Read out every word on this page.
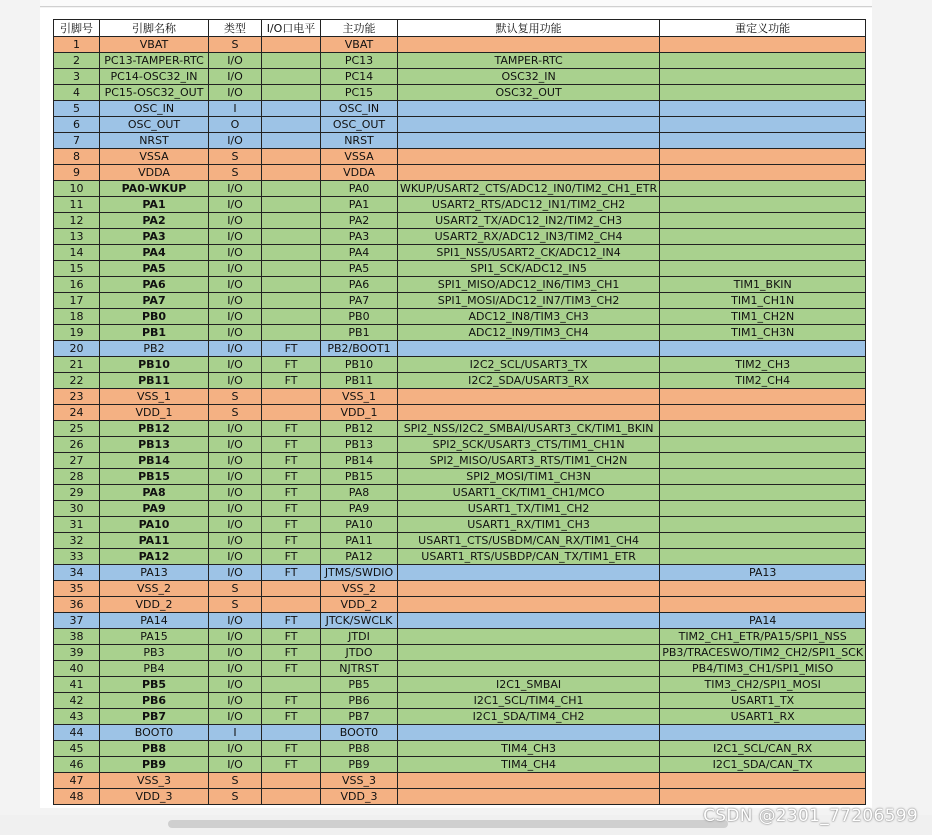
引脚号	引脚名称	类型	I/O口电平	主功能	默认复用功能	重定义功能
1	VBAT	S		VBAT		
2	PC13-TAMPER-RTC	I/O		PC13	TAMPER-RTC	
3	PC14-OSC32_IN	I/O		PC14	OSC32_IN	
4	PC15-OSC32_OUT	I/O		PC15	OSC32_OUT	
5	OSC_IN	I		OSC_IN		
6	OSC_OUT	O		OSC_OUT		
7	NRST	I/O		NRST		
8	VSSA	S		VSSA		
9	VDDA	S		VDDA		
10	PA0-WKUP	I/O		PA0	WKUP/USART2_CTS/ADC12_IN0/TIM2_CH1_ETR	
11	PA1	I/O		PA1	USART2_RTS/ADC12_IN1/TIM2_CH2	
12	PA2	I/O		PA2	USART2_TX/ADC12_IN2/TIM2_CH3	
13	PA3	I/O		PA3	USART2_RX/ADC12_IN3/TIM2_CH4	
14	PA4	I/O		PA4	SPI1_NSS/USART2_CK/ADC12_IN4	
15	PA5	I/O		PA5	SPI1_SCK/ADC12_IN5	
16	PA6	I/O		PA6	SPI1_MISO/ADC12_IN6/TIM3_CH1	TIM1_BKIN
17	PA7	I/O		PA7	SPI1_MOSI/ADC12_IN7/TIM3_CH2	TIM1_CH1N
18	PB0	I/O		PB0	ADC12_IN8/TIM3_CH3	TIM1_CH2N
19	PB1	I/O		PB1	ADC12_IN9/TIM3_CH4	TIM1_CH3N
20	PB2	I/O	FT	PB2/BOOT1		
21	PB10	I/O	FT	PB10	I2C2_SCL/USART3_TX	TIM2_CH3
22	PB11	I/O	FT	PB11	I2C2_SDA/USART3_RX	TIM2_CH4
23	VSS_1	S		VSS_1		
24	VDD_1	S		VDD_1		
25	PB12	I/O	FT	PB12	SPI2_NSS/I2C2_SMBAI/USART3_CK/TIM1_BKIN	
26	PB13	I/O	FT	PB13	SPI2_SCK/USART3_CTS/TIM1_CH1N	
27	PB14	I/O	FT	PB14	SPI2_MISO/USART3_RTS/TIM1_CH2N	
28	PB15	I/O	FT	PB15	SPI2_MOSI/TIM1_CH3N	
29	PA8	I/O	FT	PA8	USART1_CK/TIM1_CH1/MCO	
30	PA9	I/O	FT	PA9	USART1_TX/TIM1_CH2	
31	PA10	I/O	FT	PA10	USART1_RX/TIM1_CH3	
32	PA11	I/O	FT	PA11	USART1_CTS/USBDM/CAN_RX/TIM1_CH4	
33	PA12	I/O	FT	PA12	USART1_RTS/USBDP/CAN_TX/TIM1_ETR	
34	PA13	I/O	FT	JTMS/SWDIO		PA13
35	VSS_2	S		VSS_2		
36	VDD_2	S		VDD_2		
37	PA14	I/O	FT	JTCK/SWCLK		PA14
38	PA15	I/O	FT	JTDI		TIM2_CH1_ETR/PA15/SPI1_NSS
39	PB3	I/O	FT	JTDO		PB3/TRACESWO/TIM2_CH2/SPI1_SCK
40	PB4	I/O	FT	NJTRST		PB4/TIM3_CH1/SPI1_MISO
41	PB5	I/O		PB5	I2C1_SMBAI	TIM3_CH2/SPI1_MOSI
42	PB6	I/O	FT	PB6	I2C1_SCL/TIM4_CH1	USART1_TX
43	PB7	I/O	FT	PB7	I2C1_SDA/TIM4_CH2	USART1_RX
44	BOOT0	I		BOOT0		
45	PB8	I/O	FT	PB8	TIM4_CH3	I2C1_SCL/CAN_RX
46	PB9	I/O	FT	PB9	TIM4_CH4	I2C1_SDA/CAN_TX
47	VSS_3	S		VSS_3		
48	VDD_3	S		VDD_3		
CSDN @2301_77206599
